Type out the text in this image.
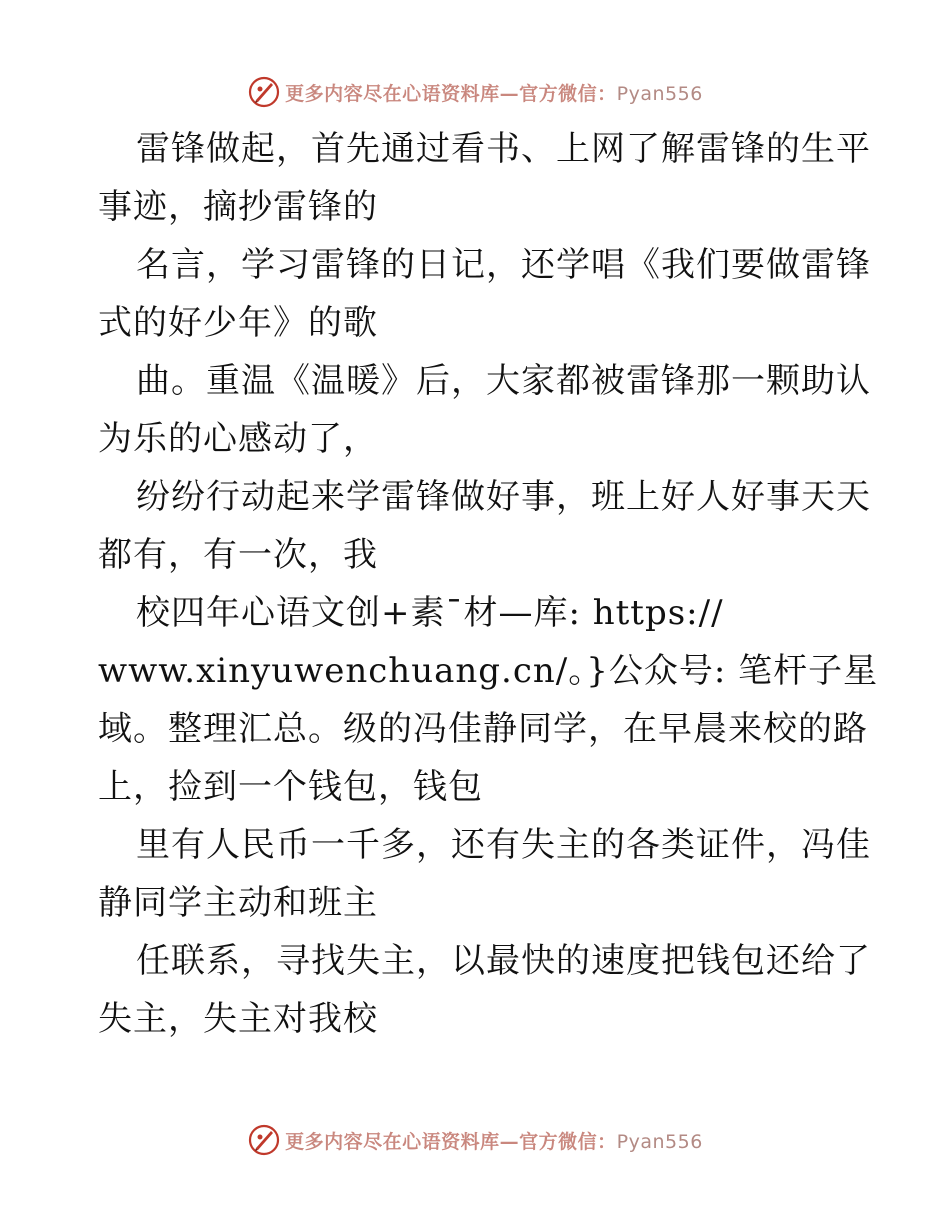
更多内容尽在心语资料库—官方微信：Pyan556
雷锋做起，首先通过看书、上网了解雷锋的生平
事迹，摘抄雷锋的
名言，学习雷锋的日记，还学唱《我们要做雷锋
式的好少年》的歌
曲。重温《温暖》后，大家都被雷锋那一颗助认
为乐的心感动了，
纷纷行动起来学雷锋做好事，班上好人好事天天
都有，有一次，我
校四年心语文创+素¯材—库: https://
www.xinyuwenchuang.cn/。}公众号: 笔杆子星
域。整理汇总。级的冯佳静同学，在早晨来校的路
上，捡到一个钱包，钱包
里有人民币一千多，还有失主的各类证件，冯佳
静同学主动和班主
任联系，寻找失主，以最快的速度把钱包还给了
失主，失主对我校
更多内容尽在心语资料库—官方微信：Pyan556
